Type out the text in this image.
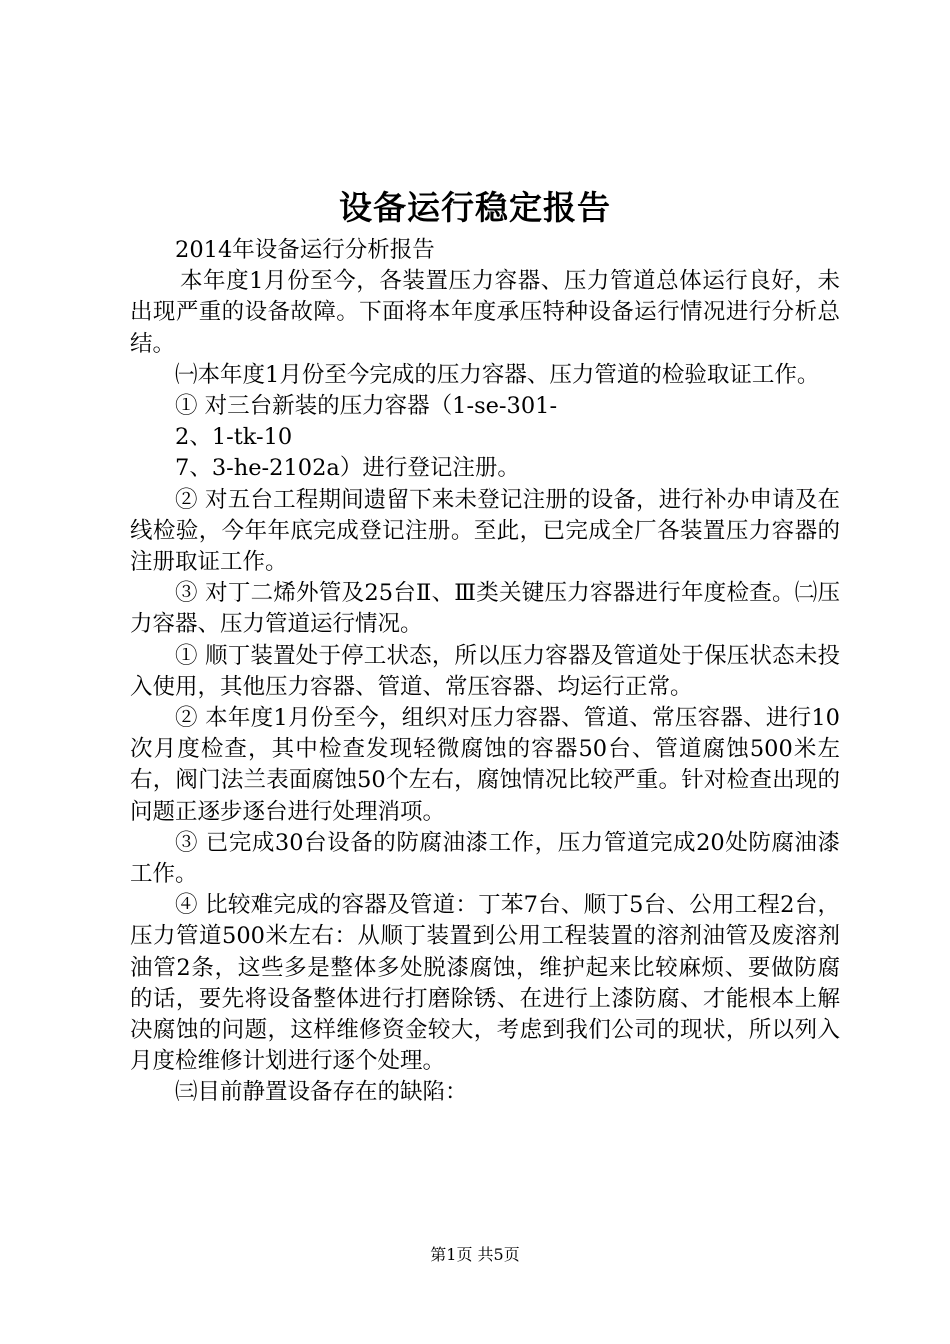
设备运行稳定报告

2014年设备运行分析报告

本年度1月份至今，各装置压力容器、压力管道总体运行良好，未出现严重的设备故障。下面将本年度承压特种设备运行情况进行分析总结。

㈠本年度1月份至今完成的压力容器、压力管道的检验取证工作。

① 对三台新装的压力容器（1-se-301-

2、1-tk-10

7、3-he-2102a）进行登记注册。

② 对五台工程期间遗留下来未登记注册的设备，进行补办申请及在线检验，今年年底完成登记注册。至此，已完成全厂各装置压力容器的注册取证工作。

③ 对丁二烯外管及25台Ⅱ、Ⅲ类关键压力容器进行年度检查。㈡压力容器、压力管道运行情况。

① 顺丁装置处于停工状态，所以压力容器及管道处于保压状态未投入使用，其他压力容器、管道、常压容器、均运行正常。

② 本年度1月份至今，组织对压力容器、管道、常压容器、进行10次月度检查，其中检查发现轻微腐蚀的容器50台、管道腐蚀500米左右，阀门法兰表面腐蚀50个左右，腐蚀情况比较严重。针对检查出现的问题正逐步逐台进行处理消项。

③ 已完成30台设备的防腐油漆工作，压力管道完成20处防腐油漆工作。

④ 比较难完成的容器及管道：丁苯7台、顺丁5台、公用工程2台，压力管道500米左右：从顺丁装置到公用工程装置的溶剂油管及废溶剂油管2条，这些多是整体多处脱漆腐蚀，维护起来比较麻烦、要做防腐的话，要先将设备整体进行打磨除锈、在进行上漆防腐、才能根本上解决腐蚀的问题，这样维修资金较大，考虑到我们公司的现状，所以列入月度检维修计划进行逐个处理。

㈢目前静置设备存在的缺陷：

第1页 共5页
